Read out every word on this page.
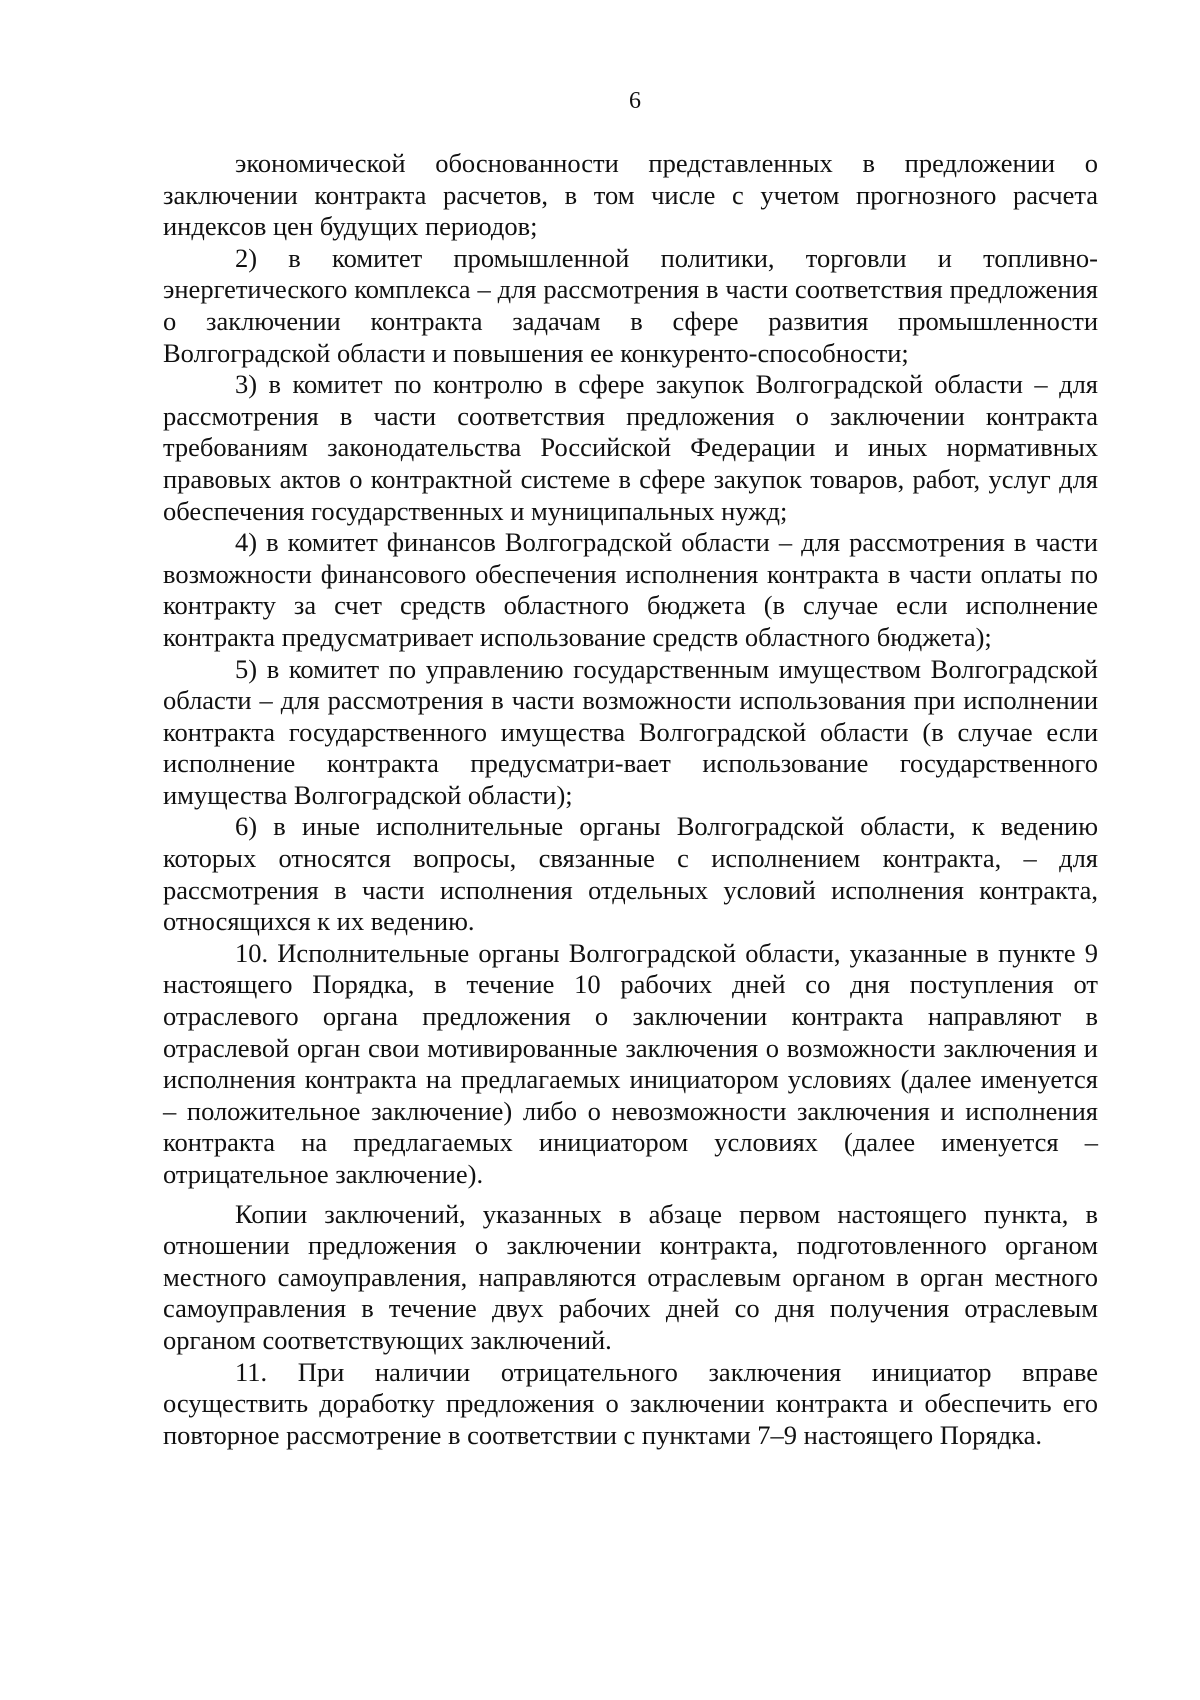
6

экономической обоснованности представленных в предложении о заключении контракта расчетов, в том числе с учетом прогнозного расчета индексов цен будущих периодов;

2) в комитет промышленной политики, торговли и топливно-энергетического комплекса – для рассмотрения в части соответствия предложения о заключении контракта задачам в сфере развития промышленности Волгоградской области и повышения ее конкуренто-способности;

3) в комитет по контролю в сфере закупок Волгоградской области – для рассмотрения в части соответствия предложения о заключении контракта требованиям законодательства Российской Федерации и иных нормативных правовых актов о контрактной системе в сфере закупок товаров, работ, услуг для обеспечения государственных и муниципальных нужд;

4) в комитет финансов Волгоградской области – для рассмотрения в части возможности финансового обеспечения исполнения контракта в части оплаты по контракту за счет средств областного бюджета (в случае если исполнение контракта предусматривает использование средств областного бюджета);

5) в комитет по управлению государственным имуществом Волгоградской области – для рассмотрения в части возможности использования при исполнении контракта государственного имущества Волгоградской области (в случае если исполнение контракта предусматри-вает использование государственного имущества Волгоградской области);

6) в иные исполнительные органы Волгоградской области, к ведению которых относятся вопросы, связанные с исполнением контракта, – для рассмотрения в части исполнения отдельных условий исполнения контракта, относящихся к их ведению.

10. Исполнительные органы Волгоградской области, указанные в пункте 9 настоящего Порядка, в течение 10 рабочих дней со дня поступления от отраслевого органа предложения о заключении контракта направляют в отраслевой орган свои мотивированные заключения о возможности заключения и исполнения контракта на предлагаемых инициатором условиях (далее именуется – положительное заключение) либо о невозможности заключения и исполнения контракта на предлагаемых инициатором условиях (далее именуется – отрицательное заключение).

Копии заключений, указанных в абзаце первом настоящего пункта, в отношении предложения о заключении контракта, подготовленного органом местного самоуправления, направляются отраслевым органом в орган местного самоуправления в течение двух рабочих дней со дня получения отраслевым органом соответствующих заключений.

11. При наличии отрицательного заключения инициатор вправе осуществить доработку предложения о заключении контракта и обеспечить его повторное рассмотрение в соответствии с пунктами 7–9 настоящего Порядка.
